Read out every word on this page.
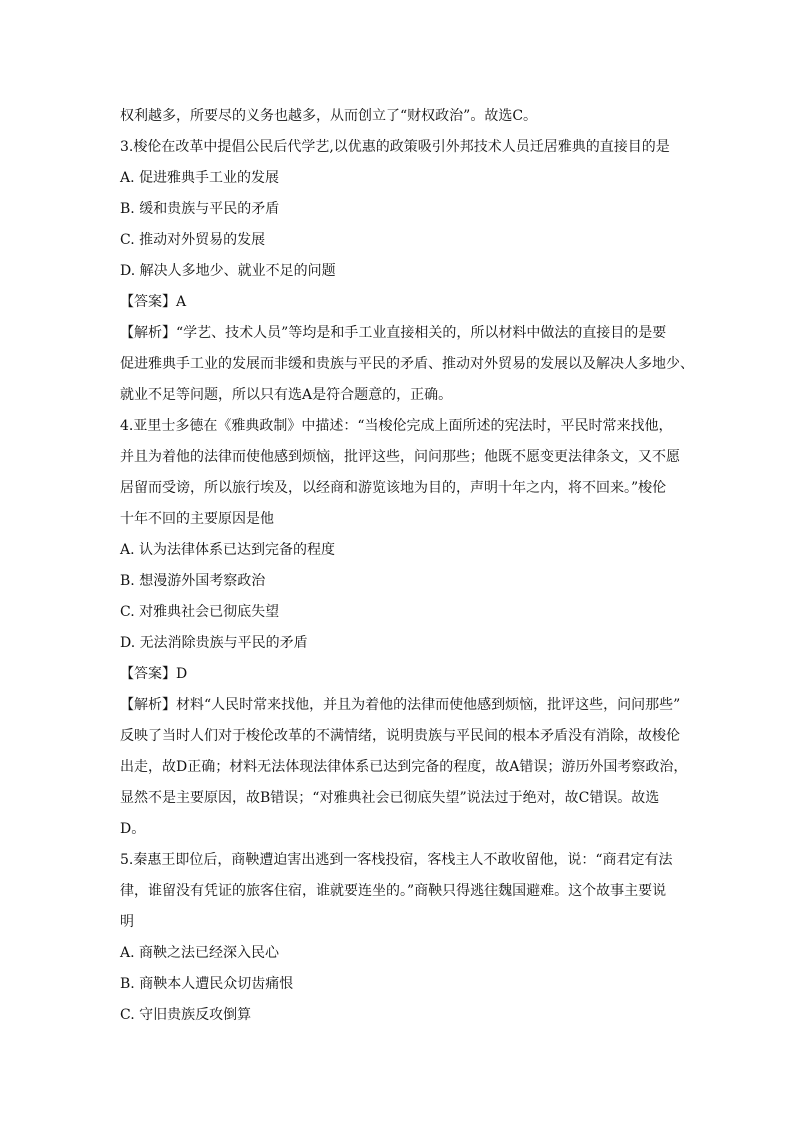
权利越多，所要尽的义务也越多，从而创立了“财权政治”。故选C。
3.梭伦在改革中提倡公民后代学艺,以优惠的政策吸引外邦技术人员迁居雅典的直接目的是
A. 促进雅典手工业的发展
B. 缓和贵族与平民的矛盾
C. 推动对外贸易的发展
D. 解决人多地少、就业不足的问题
【答案】A
【解析】“学艺、技术人员”等均是和手工业直接相关的，所以材料中做法的直接目的是要
促进雅典手工业的发展而非缓和贵族与平民的矛盾、推动对外贸易的发展以及解决人多地少、
就业不足等问题，所以只有选A是符合题意的，正确。
4.亚里士多德在《雅典政制》中描述：“当梭伦完成上面所述的宪法时，平民时常来找他，
并且为着他的法律而使他感到烦恼，批评这些，问问那些；他既不愿变更法律条文，又不愿
居留而受谤，所以旅行埃及，以经商和游览该地为目的，声明十年之内，将不回来。”梭伦
十年不回的主要原因是他
A. 认为法律体系已达到完备的程度
B. 想漫游外国考察政治
C. 对雅典社会已彻底失望
D. 无法消除贵族与平民的矛盾
【答案】D
【解析】材料“人民时常来找他，并且为着他的法律而使他感到烦恼，批评这些，问问那些”
反映了当时人们对于梭伦改革的不满情绪，说明贵族与平民间的根本矛盾没有消除，故梭伦
出走，故D正确；材料无法体现法律体系已达到完备的程度，故A错误；游历外国考察政治，
显然不是主要原因，故B错误；“对雅典社会已彻底失望”说法过于绝对，故C错误。故选
D。
5.秦惠王即位后，商鞅遭迫害出逃到一客栈投宿，客栈主人不敢收留他，说：“商君定有法
律，谁留没有凭证的旅客住宿，谁就要连坐的。”商鞅只得逃往魏国避难。这个故事主要说
明
A. 商鞅之法已经深入民心
B. 商鞅本人遭民众切齿痛恨
C. 守旧贵族反攻倒算
